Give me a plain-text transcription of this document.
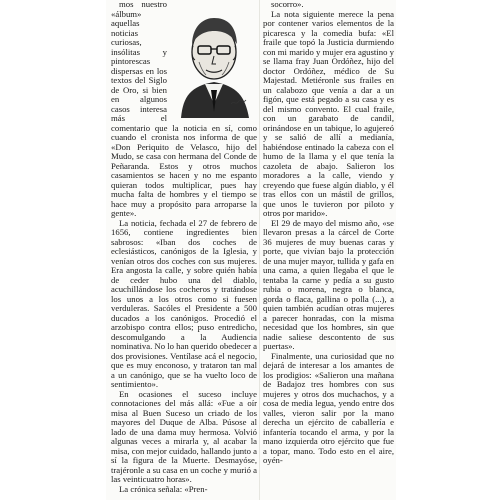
mos nuestro «álbum» aquellas noticias curiosas, insólitas y pintorescas dispersas en los textos del Siglo de Oro, si bien en algunos casos interesa más el comentario que la noticia en sí, como cuando el cronista nos informa de que «Don Periquito de Velasco, hijo del Mudo, se casa con hermana del Conde de Peñaranda. Estos y otros muchos casamientos se hacen y no me espanto quieran todos multiplicar, pues hay mucha falta de hombres y el tiempo se hace muy a propósito para arroparse la gente».

La noticia, fechada el 27 de febrero de 1656, contiene ingredientes bien sabrosos: «Iban dos coches de eclesiásticos, canónigos de la Iglesia, y venían otros dos coches con sus mujeres. Era angosta la calle, y sobre quién había de ceder hubo una del diablo, acuchillándose los cocheros y tratándose los unos a los otros como si fuesen verduleras. Sacóles el Presidente a 500 ducados a los canónigos. Procedió el arzobispo contra ellos; puso entredicho, descomulgando a la Audiencia nominativa. No lo han querido obedecer a dos provisiones. Ventílase acá el negocio, que es muy enconoso, y trataron tan mal a un canónigo, que se ha vuelto loco de sentimiento».

En ocasiones el suceso incluye connotaciones del más allá: «Fue a oír misa al Buen Suceso un criado de los mayores del Duque de Alba. Púsose al lado de una dama muy hermosa. Volvió algunas veces a mirarla y, al acabar la misa, con mejor cuidado, hallando junto a sí la figura de la Muerte. Desmayóse, trajéronle a su casa en un coche y murió a las veinticuatro horas».

La crónica señala: «Pren-

socorro».

La nota siguiente merece la pena por contener varios elementos de la picaresca y la comedia bufa: «El fraile que topó la Justicia durmiendo con mi marido y mujer era agustino y se llama fray Juan Ordóñez, hijo del doctor Ordóñez, médico de Su Majestad. Metiéronle sus frailes en un calabozo que venía a dar a un figón, que está pegado a su casa y es del mismo convento. El cual fraile, con un garabato de candil, orinándose en un tabique, lo agujereó y se salió de allí a medianía, habiéndose entinado la cabeza con el humo de la llama y el que tenía la cazoleta de abajo. Salieron los moradores a la calle, viendo y creyendo que fuese algún diablo, y él tras ellos con un mástil de grillos, que unos le tuvieron por piloto y otros por marido».

El 29 de mayo del mismo año, «se llevaron presas a la cárcel de Corte 36 mujeres de muy buenas caras y porte, que vivían bajo la protección de una mujer mayor, tullida y gafa en una cama, a quien llegaba el que le tentaba la carne y pedía a su gusto rubia o morena, negra o blanca, gorda o flaca, gallina o polla (...), a quien también acudían otras mujeres a parecer honradas, con la misma necesidad que los hombres, sin que nadie saliese descontento de sus puertas».

Finalmente, una curiosidad que no dejará de interesar a los amantes de los prodigios: «Salieron una mañana de Badajoz tres hombres con sus mujeres y otros dos muchachos, y a cosa de media legua, yendo entre dos valles, vieron salir por la mano derecha un ejército de caballería e infantería tocando el arma, y por la mano izquierda otro ejército que fue a topar, mano. Todo esto en el aire, oyén-
